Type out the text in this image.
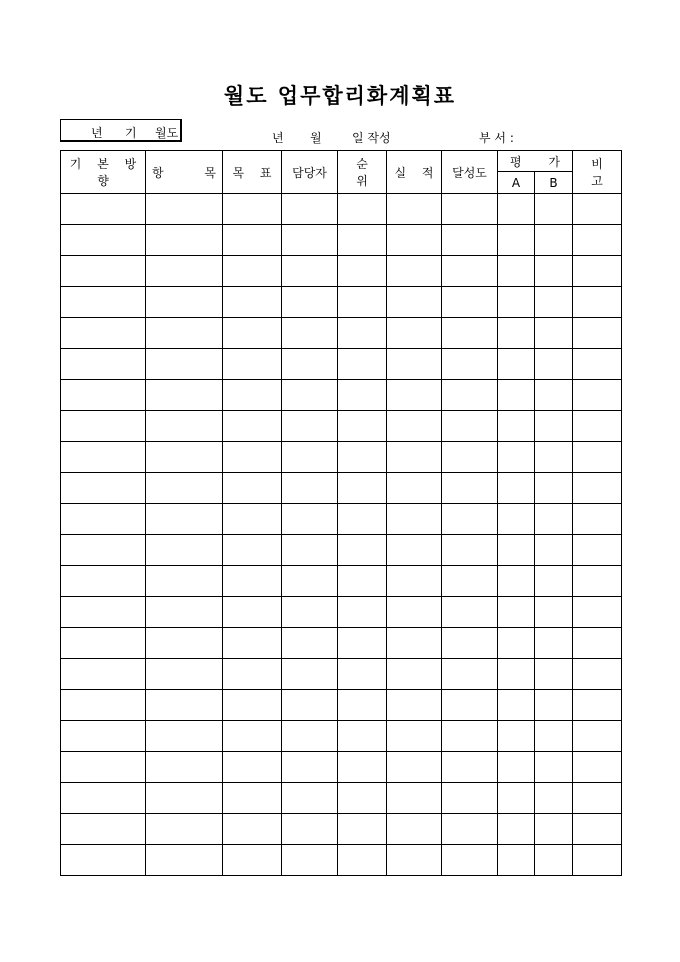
월도 업무합리화계획표
년 기 월도	년 월	일 작성	부 서 :
기 본 방 향	항 목	목 표	담당자	순 위	실 적	달성도	평 가		비 고
							A	B	
